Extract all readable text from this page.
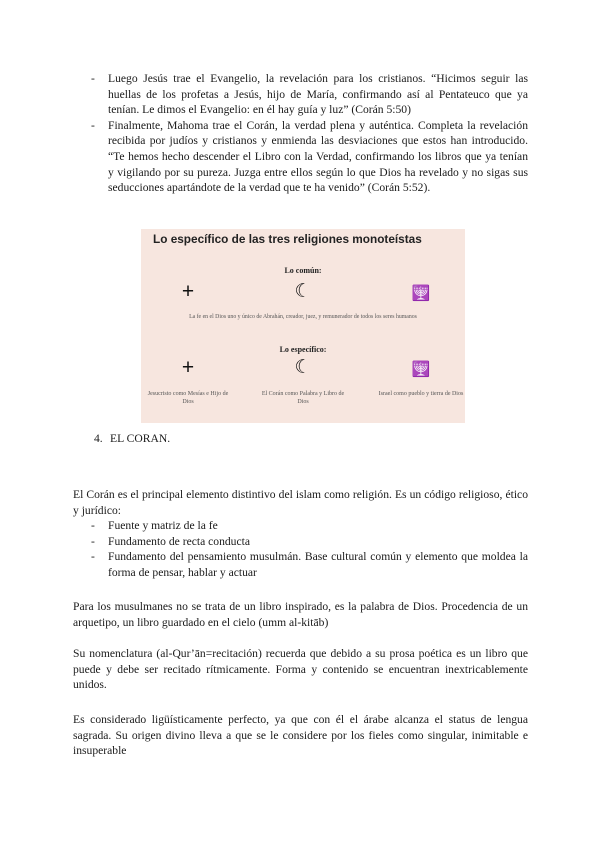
- Luego Jesús trae el Evangelio, la revelación para los cristianos. “Hicimos seguir las huellas de los profetas a Jesús, hijo de María, confirmando así al Pentateuco que ya tenían. Le dimos el Evangelio: en él hay guía y luz” (Corán 5:50)
- Finalmente, Mahoma trae el Corán, la verdad plena y auténtica. Completa la revelación recibida por judíos y cristianos y enmienda las desviaciones que estos han introducido. “Te hemos hecho descender el Libro con la Verdad, confirmando los libros que ya tenían y vigilando por su pureza. Juzga entre ellos según lo que Dios ha revelado y no sigas sus seducciones apartándote de la verdad que te ha venido” (Corán 5:52).
Lo específico de las tres religiones monoteístas
Lo común:
+	☾	🕎
La fe en el Dios uno y único de Abrahán, creador, juez, y remunerador de todos los seres humanos
Lo específico:
+	☾	🕎
Jesucristo como Mesías e Hijo de Dios
El Corán como Palabra y Libro de Dios
Israel como pueblo y tierra de Dios
4. EL CORAN.
El Corán es el principal elemento distintivo del islam como religión. Es un código religioso, ético y jurídico:
- Fuente y matriz de la fe
- Fundamento de recta conducta
- Fundamento del pensamiento musulmán. Base cultural común y elemento que moldea la forma de pensar, hablar y actuar
Para los musulmanes no se trata de un libro inspirado, es la palabra de Dios. Procedencia de un arquetipo, un libro guardado en el cielo (umm al-kitāb)
Su nomenclatura (al-Qur’ān=recitación) recuerda que debido a su prosa poética es un libro que puede y debe ser recitado rítmicamente. Forma y contenido se encuentran inextricablemente unidos.
Es considerado ligüísticamente perfecto, ya que con él el árabe alcanza el status de lengua sagrada. Su origen divino lleva a que se le considere por los fieles como singular, inimitable e insuperable
